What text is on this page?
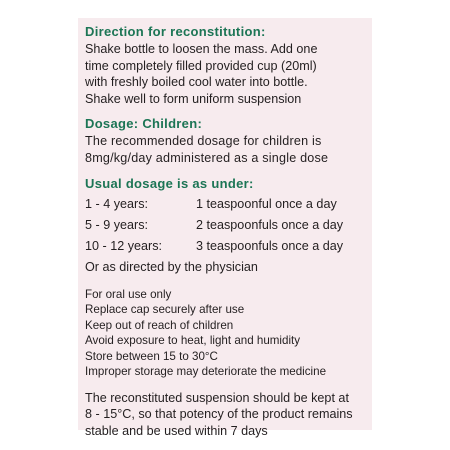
Direction for reconstitution:

Shake bottle to loosen the mass. Add one

time completely filled provided cup (20ml)

with freshly boiled cool water into bottle.

Shake well to form uniform suspension

Dosage: Children:

The recommended dosage for children is

8mg/kg/day administered as a single dose

Usual dosage is as under:

1 - 4 years:	1 teaspoonful once a day
5 - 9 years:	2 teaspoonfuls once a day
10 - 12 years:	3 teaspoonfuls once a day

Or as directed by the physician

For oral use only

Replace cap securely after use

Keep out of reach of children

Avoid exposure to heat, light and humidity

Store between 15 to 30°C

Improper storage may deteriorate the medicine

The reconstituted suspension should be kept at

8 - 15°C, so that potency of the product remains

stable and be used within 7 days
